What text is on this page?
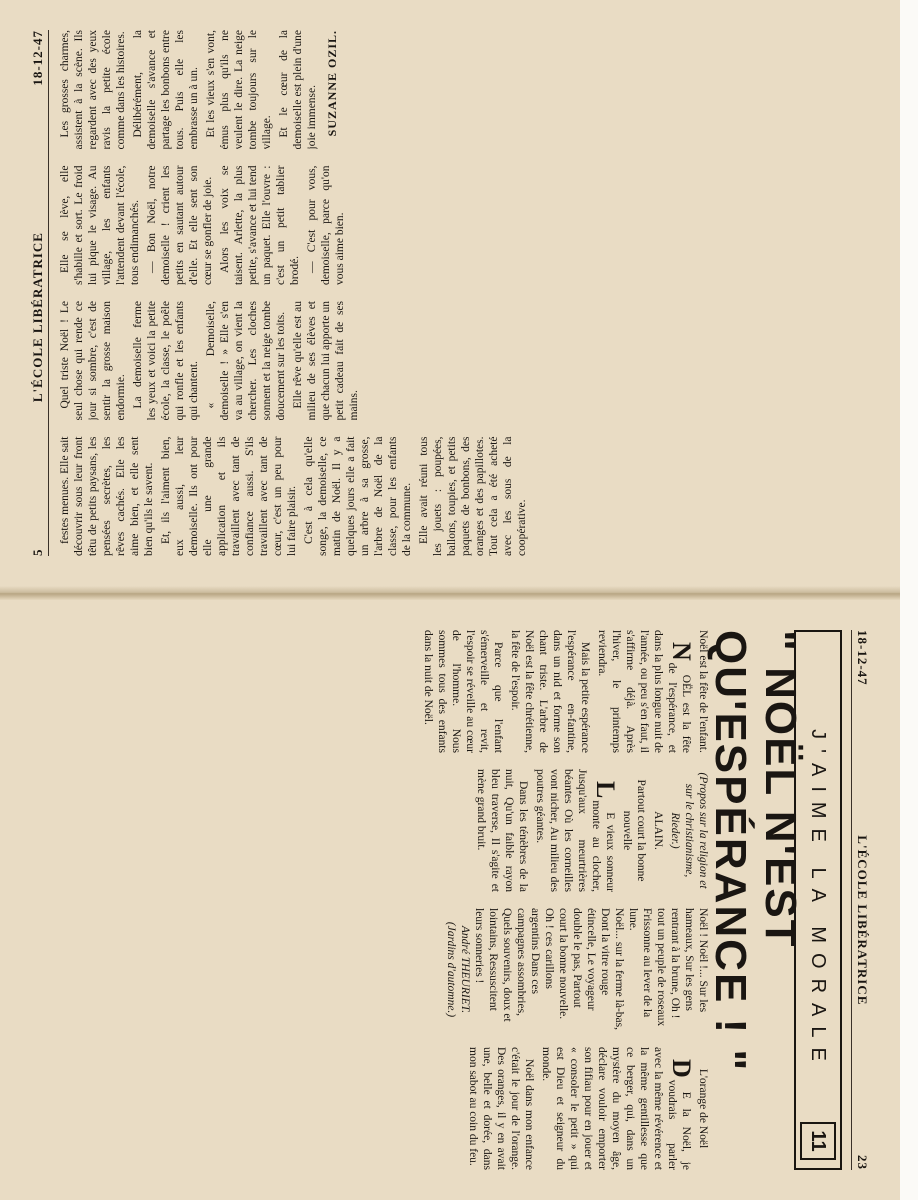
5
L'ÉCOLE LIBÉRATRICE
18-12-47

festes menues. Elle sait découvrir sous leur front têtu de petits paysans, les pensées secrètes, les rêves cachés. Elle les aime bien, et elle sent bien qu'ils le savent. Et, ils l'aiment bien, eux aussi, leur demoiselle. Ils ont pour elle une grande application et ils travaillent avec tant de confiance aussi. S'ils travaillent avec tant de cœur, c'est un peu pour lui faire plaisir. C'est à cela qu'elle songe, la demoiselle, ce matin de Noël. Il y a quelques jours elle a fait un arbre à sa grosse, l'arbre de Noël de la classe, pour les enfants de la commune. Elle avait réuni tous les jouets : poupées, ballons, toupies, et petits paquets de bonbons, des oranges et des papillotes. Tout cela a été acheté avec les sous de la coopérative.

Quel triste Noël ! Le seul chose qui rende ce jour si sombre, c'est de sentir la grosse maison endormie. La demoiselle ferme les yeux et voici la petite école, la classe, le poêle qui ronfle et les enfants qui chantent. « Demoiselle, demoiselle ! » Elle s'en va au village, on vient la chercher. Les cloches sonnent et la neige tombe doucement sur les toits. Elle rêve qu'elle est au milieu de ses élèves et que chacun lui apporte un petit cadeau fait de ses mains.

Elle se lève, elle s'habille et sort. Le froid lui pique le visage. Au village, les enfants l'attendent devant l'école, tous endimanchés. — Bon Noël, notre demoiselle ! crient les petits en sautant autour d'elle. Et elle sent son cœur se gonfler de joie. Alors les voix se taisent. Arlette, la plus petite, s'avance et lui tend un paquet. Elle l'ouvre : c'est un petit tablier brodé. — C'est pour vous, demoiselle, parce qu'on vous aime bien.

Les grosses charmes, assistent à la scène. Ils regardent avec des yeux ravis la petite école comme dans les histoires. Délibérément, la demoiselle s'avance et partage les bonbons entre tous. Puis elle les embrasse un à un. Et les vieux s'en vont, émus plus qu'ils ne veulent le dire. La neige tombe toujours sur le village. Et le cœur de la demoiselle est plein d'une joie immense. SUZANNE OZIL.
18-12-47
L'ÉCOLE LIBÉRATRICE
23
J'AIME LA MORALE
11
" NOËL N'EST QU'ESPÉRANCE ! "

Noël est la fête de l'enfant.

NOËL est la fête de l'espérance, et dans la plus longue nuit de l'année, ou peu s'en faut, il s'affirme déjà. Après l'hiver, le printemps reviendra.

Mais la petite espérance l'espérance en-fantine, dans un nid et forme son chant triste. L'arbre de Noël est la fête chrétienne, la fête de l'espoir.

Parce que l'enfant s'émerveille et revit, l'espoir se réveille au cœur de l'homme. Nous sommes tous des enfants dans la nuit de Noël.

(Propos sur la religion et sur le christianisme, Rieder.)

ALAIN.

Partout court la bonne nouvelle

LE vieux sonneur monte au clocher, Jusqu'aux meurtrières béantes Où les corneilles vont nicher, Au milieu des poutres géantes.

Dans les ténèbres de la nuit, Qu'un faible rayon bleu traverse, Il s'agite et mène grand bruit.

Noël ! Noël !... Sur les hameaux, Sur les gens rentrant à la brune, Oh ! tout un peuple de roseaux Frissonne au lever de la lune.

Noël... sur la ferme là-bas, Dont la vitre rouge étincelle, Le voyageur double le pas, Partout court la bonne nouvelle.

Oh ! ces carillons argentins Dans ces campagnes assombries, Quels souvenirs, doux et lointains, Ressuscitent leurs sonneries !

André THEURIET. (Jardins d'automne.)

L'orange de Noël

DE la Noël, je voudrais parler avec la même révérence et la même gentillesse que ce berger, qui, dans un mystère du moyen âge, déclare vouloir emporter son fifiau pour en jouer et « consoler le petit » qui est Dieu et seigneur du monde.

Noël dans mon enfance c'était le jour de l'orange. Des oranges, il y en avait une, belle et dorée, dans mon sabot au coin du feu.
